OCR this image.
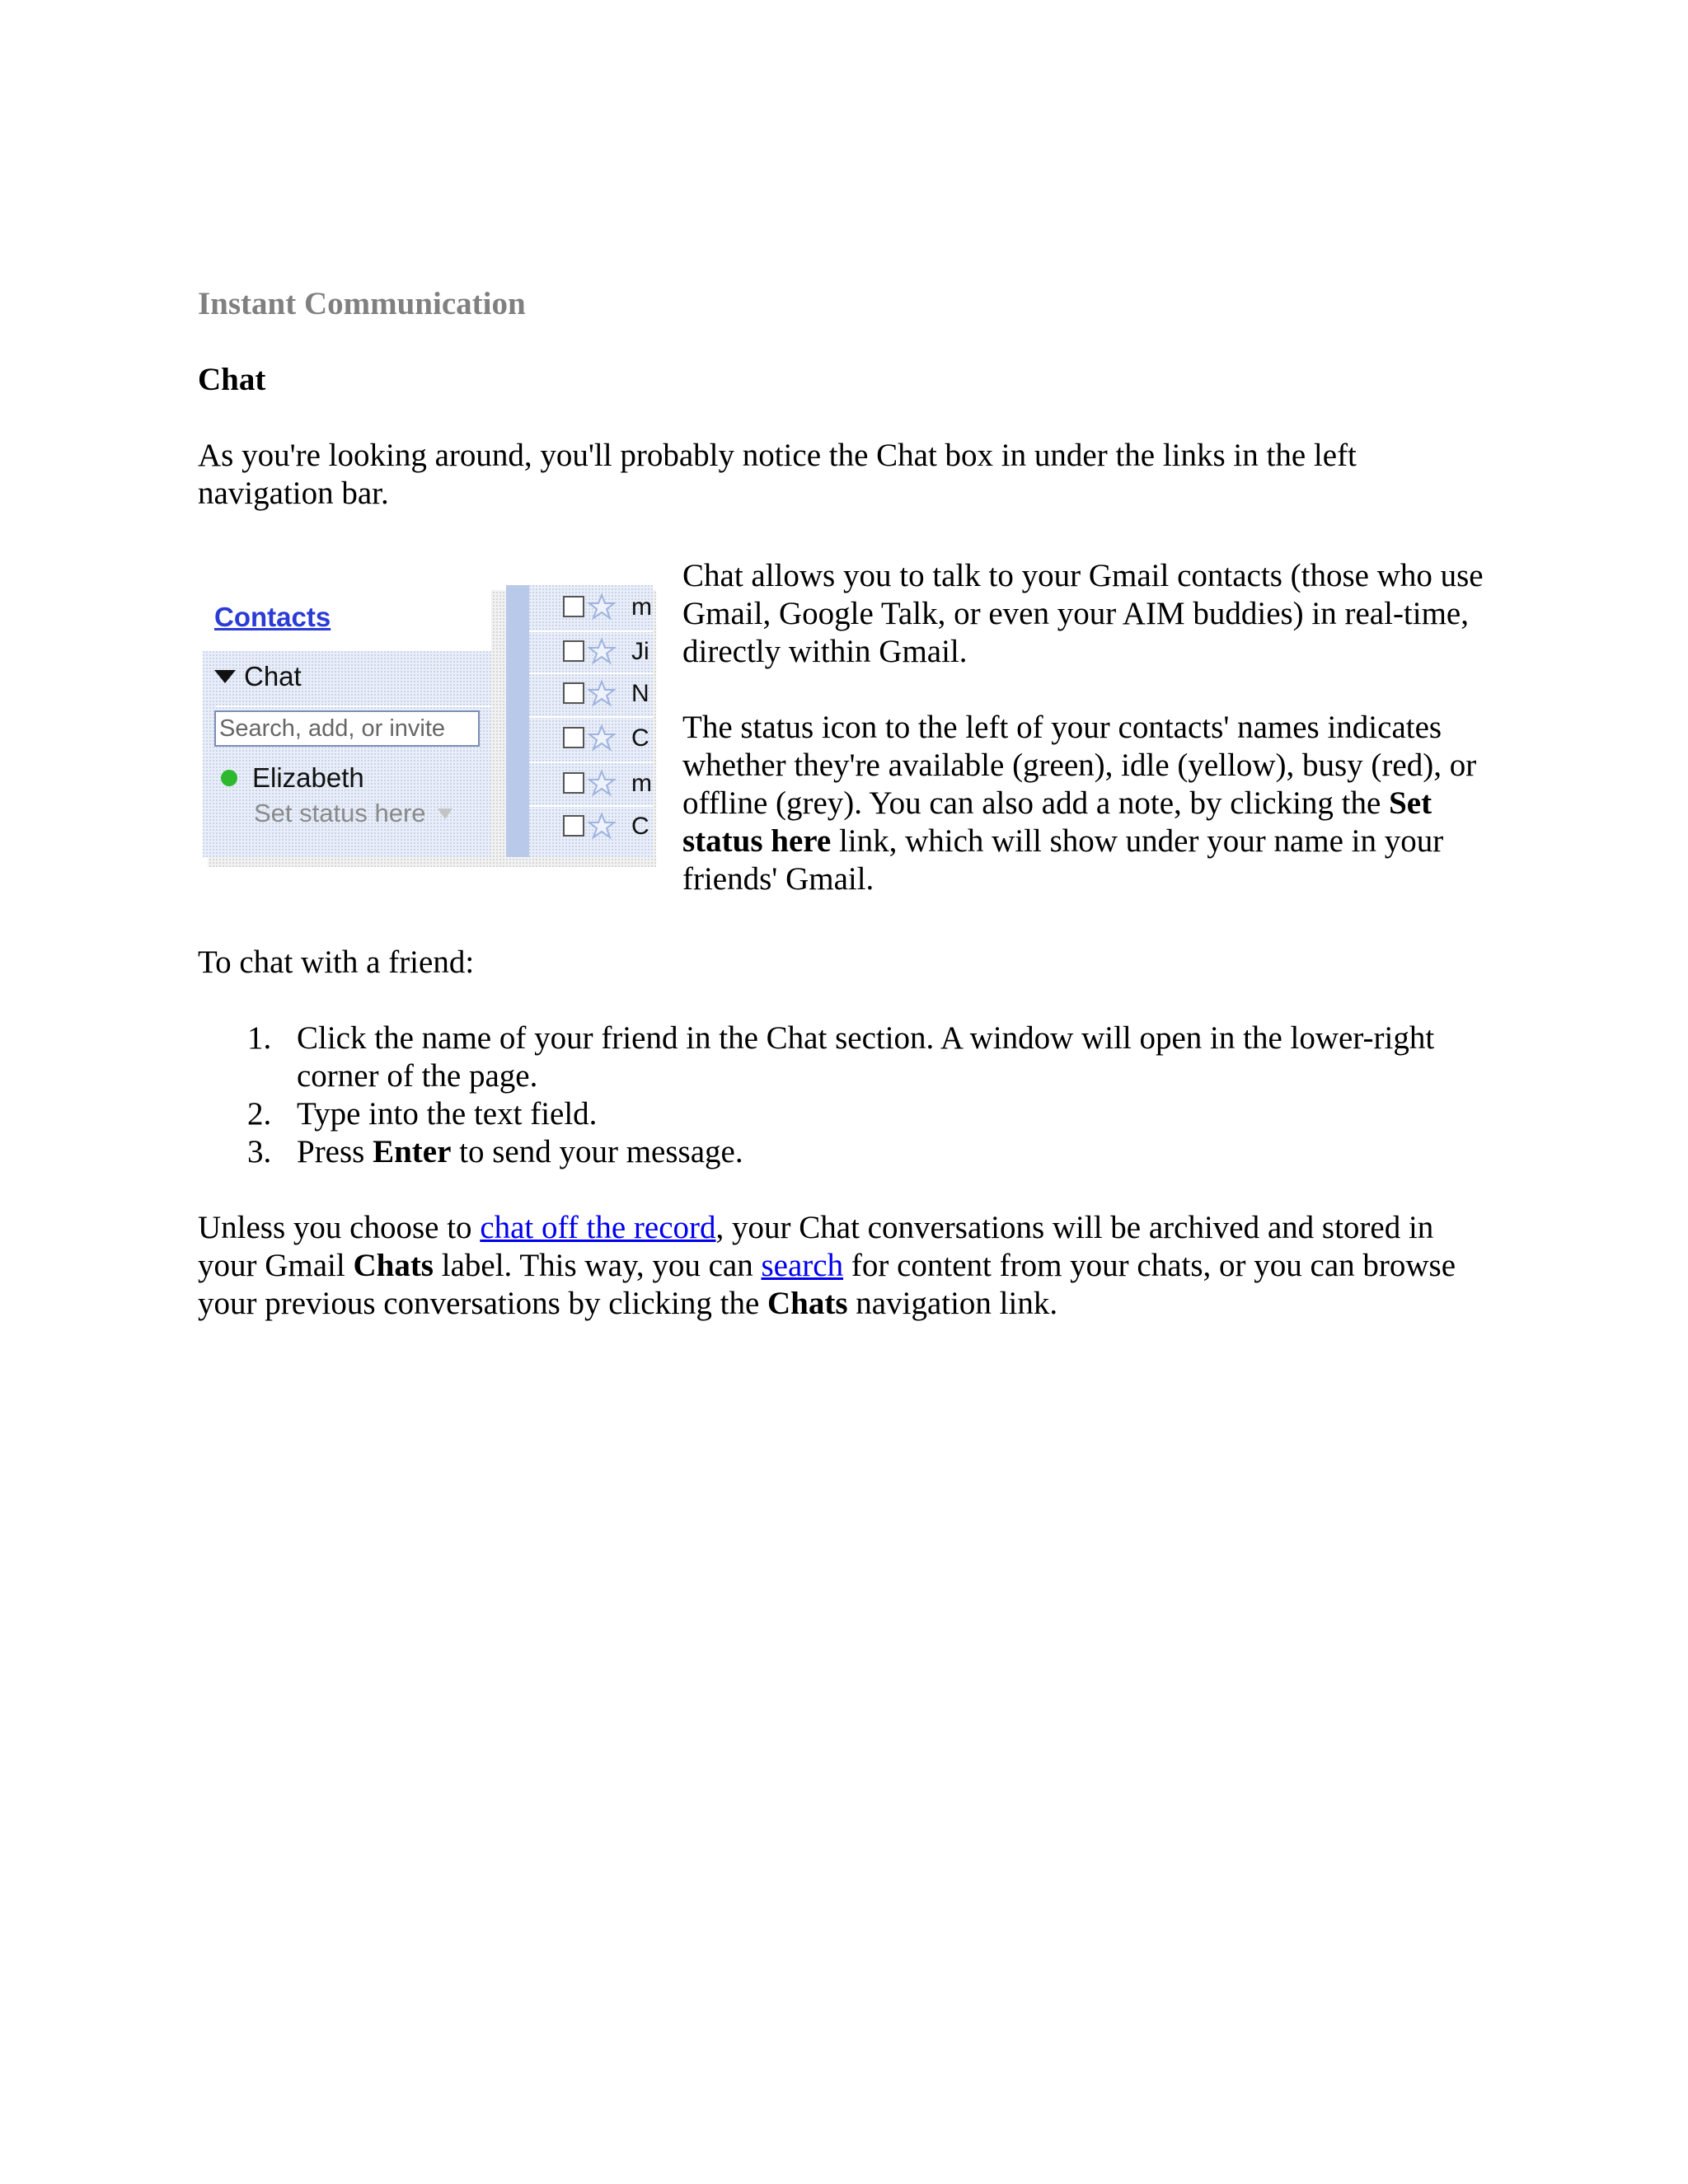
Instant Communication
Chat

As you're looking around, you'll probably notice the Chat box in under the links in the left navigation bar.

Contacts
Chat
Search, add, or invite
Elizabeth
Set status here
m
Ji
N
C
m
C

Chat allows you to talk to your Gmail contacts (those who use Gmail, Google Talk, or even your AIM buddies) in real-time, directly within Gmail.

The status icon to the left of your contacts' names indicates whether they're available (green), idle (yellow), busy (red), or offline (grey). You can also add a note, by clicking the Set status here link, which will show under your name in your friends' Gmail.

To chat with a friend:

1. Click the name of your friend in the Chat section. A window will open in the lower-right corner of the page.
2. Type into the text field.
3. Press Enter to send your message.

Unless you choose to chat off the record, your Chat conversations will be archived and stored in your Gmail Chats label. This way, you can search for content from your chats, or you can browse your previous conversations by clicking the Chats navigation link.
